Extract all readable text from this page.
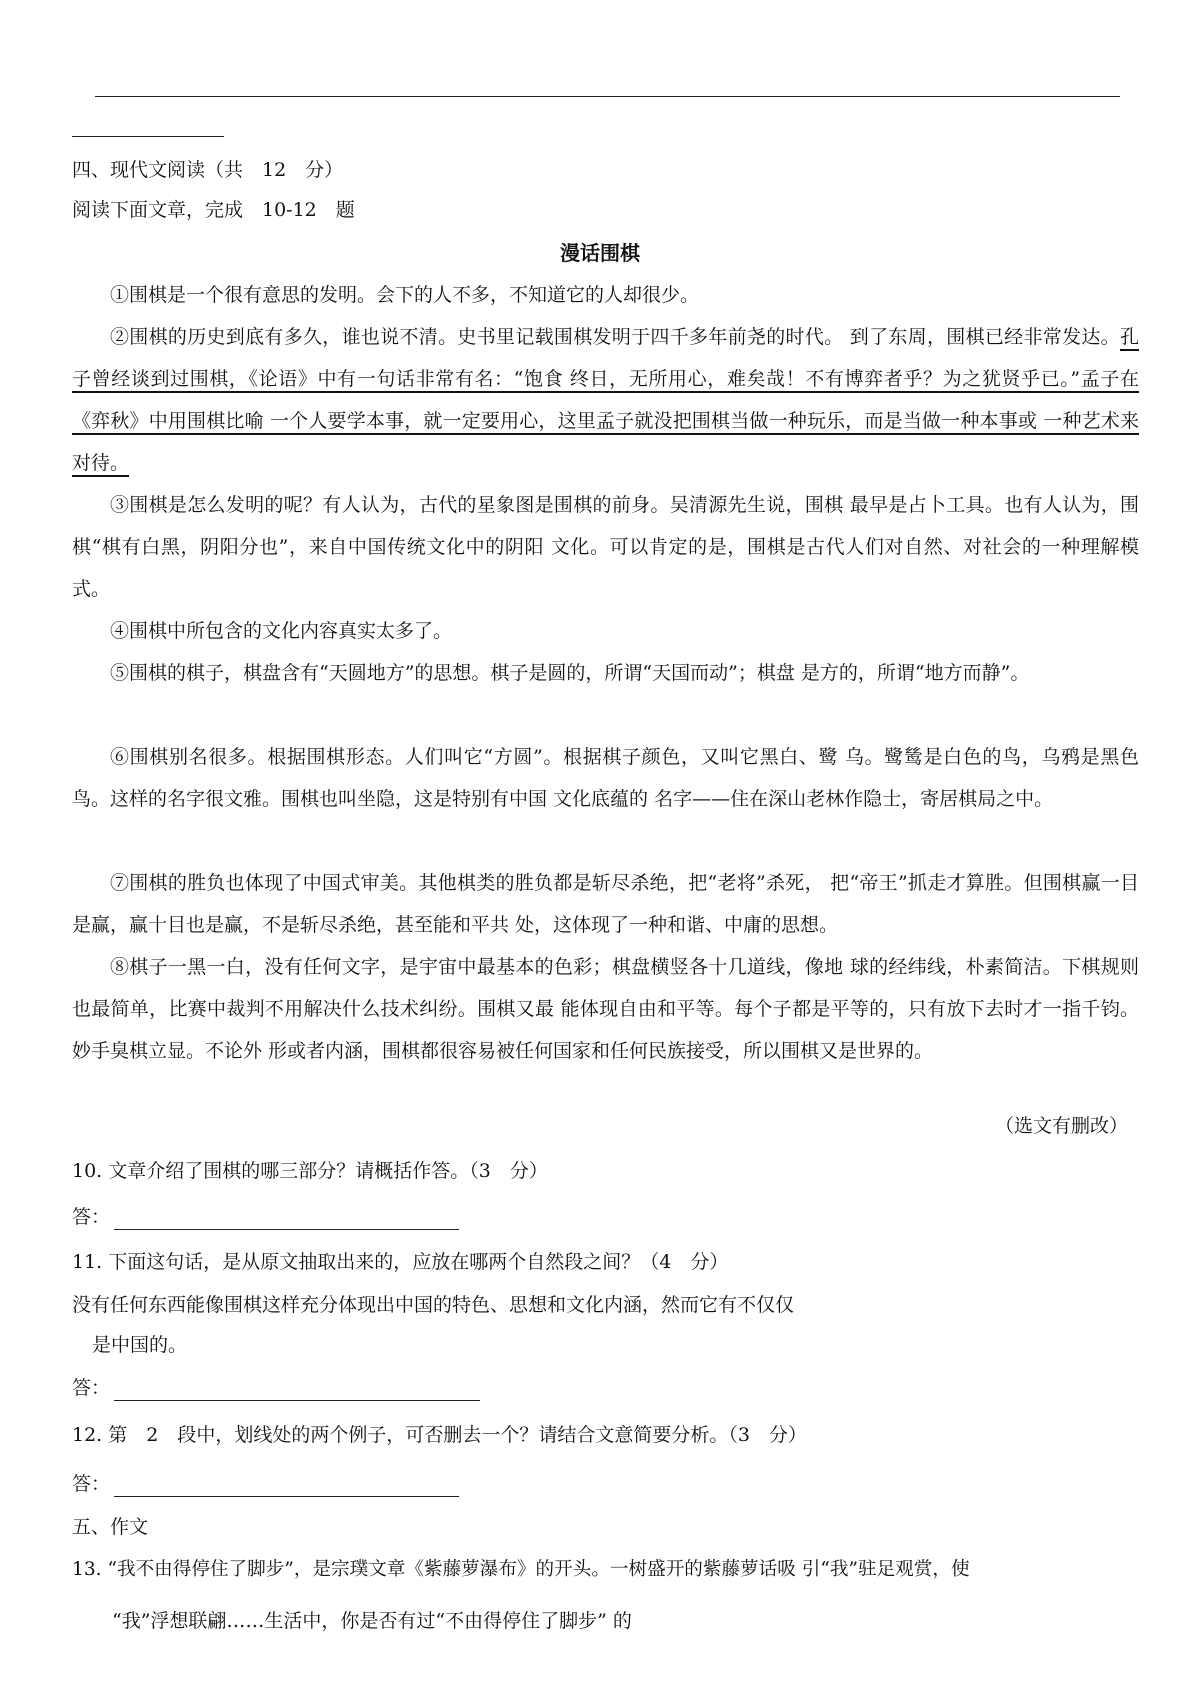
四、现代文阅读（共　12　分）
阅读下面文章，完成　10-12　题
漫话围棋
①围棋是一个很有意思的发明。会下的人不多，不知道它的人却很少。
②围棋的历史到底有多久，谁也说不清。史书里记载围棋发明于四千多年前尧的时代。 到了东周，围棋已经非常发达。孔子曾经谈到过围棋，《论语》中有一句话非常有名：“饱食 终日，无所用心，难矣哉！不有博弈者乎？为之犹贤乎已。”孟子在《弈秋》中用围棋比喻 一个人要学本事，就一定要用心，这里孟子就没把围棋当做一种玩乐，而是当做一种本事或 一种艺术来对待。
③围棋是怎么发明的呢？有人认为，古代的星象图是围棋的前身。吴清源先生说，围棋 最早是占卜工具。也有人认为，围棋“棋有白黑，阴阳分也”，来自中国传统文化中的阴阳 文化。可以肯定的是，围棋是古代人们对自然、对社会的一种理解模式。
④围棋中所包含的文化内容真实太多了。
⑤围棋的棋子，棋盘含有“天圆地方”的思想。棋子是圆的，所谓“天国而动”；棋盘 是方的，所谓“地方而静”。
⑥围棋别名很多。根据围棋形态。人们叫它“方圆”。根据棋子颜色，又叫它黑白、鹭 乌。鹭鸶是白色的鸟，乌鸦是黑色鸟。这样的名字很文雅。围棋也叫坐隐，这是特别有中国 文化底蕴的 名字——住在深山老林作隐士，寄居棋局之中。
⑦围棋的胜负也体现了中国式审美。其他棋类的胜负都是斩尽杀绝，把“老将”杀死， 把“帝王”抓走才算胜。但围棋赢一目是赢，赢十目也是赢，不是斩尽杀绝，甚至能和平共 处，这体现了一种和谐、中庸的思想。
⑧棋子一黑一白，没有任何文字，是宇宙中最基本的色彩；棋盘横竖各十几道线，像地 球的经纬线，朴素简洁。下棋规则也最简单，比赛中裁判不用解决什么技术纠纷。围棋又最 能体现自由和平等。每个子都是平等的，只有放下去时才一指千钧。妙手臭棋立显。不论外 形或者内涵，围棋都很容易被任何国家和任何民族接受，所以围棋又是世界的。
（选文有删改）
10. 文章介绍了围棋的哪三部分？请概括作答。（3　分）
答：
11. 下面这句话，是从原文抽取出来的，应放在哪两个自然段之间？（4　分）
没有任何东西能像围棋这样充分体现出中国的特色、思想和文化内涵，然而它有不仅仅
是中国的。
答：
12. 第　2　段中，划线处的两个例子，可否删去一个？请结合文意简要分析。（3　分）
答：
五、作文
13. “我不由得停住了脚步”，是宗璞文章《紫藤萝瀑布》的开头。一树盛开的紫藤萝话吸 引“我”驻足观赏，使
“我”浮想联翩……生活中，你是否有过“不由得停住了脚步” 的
